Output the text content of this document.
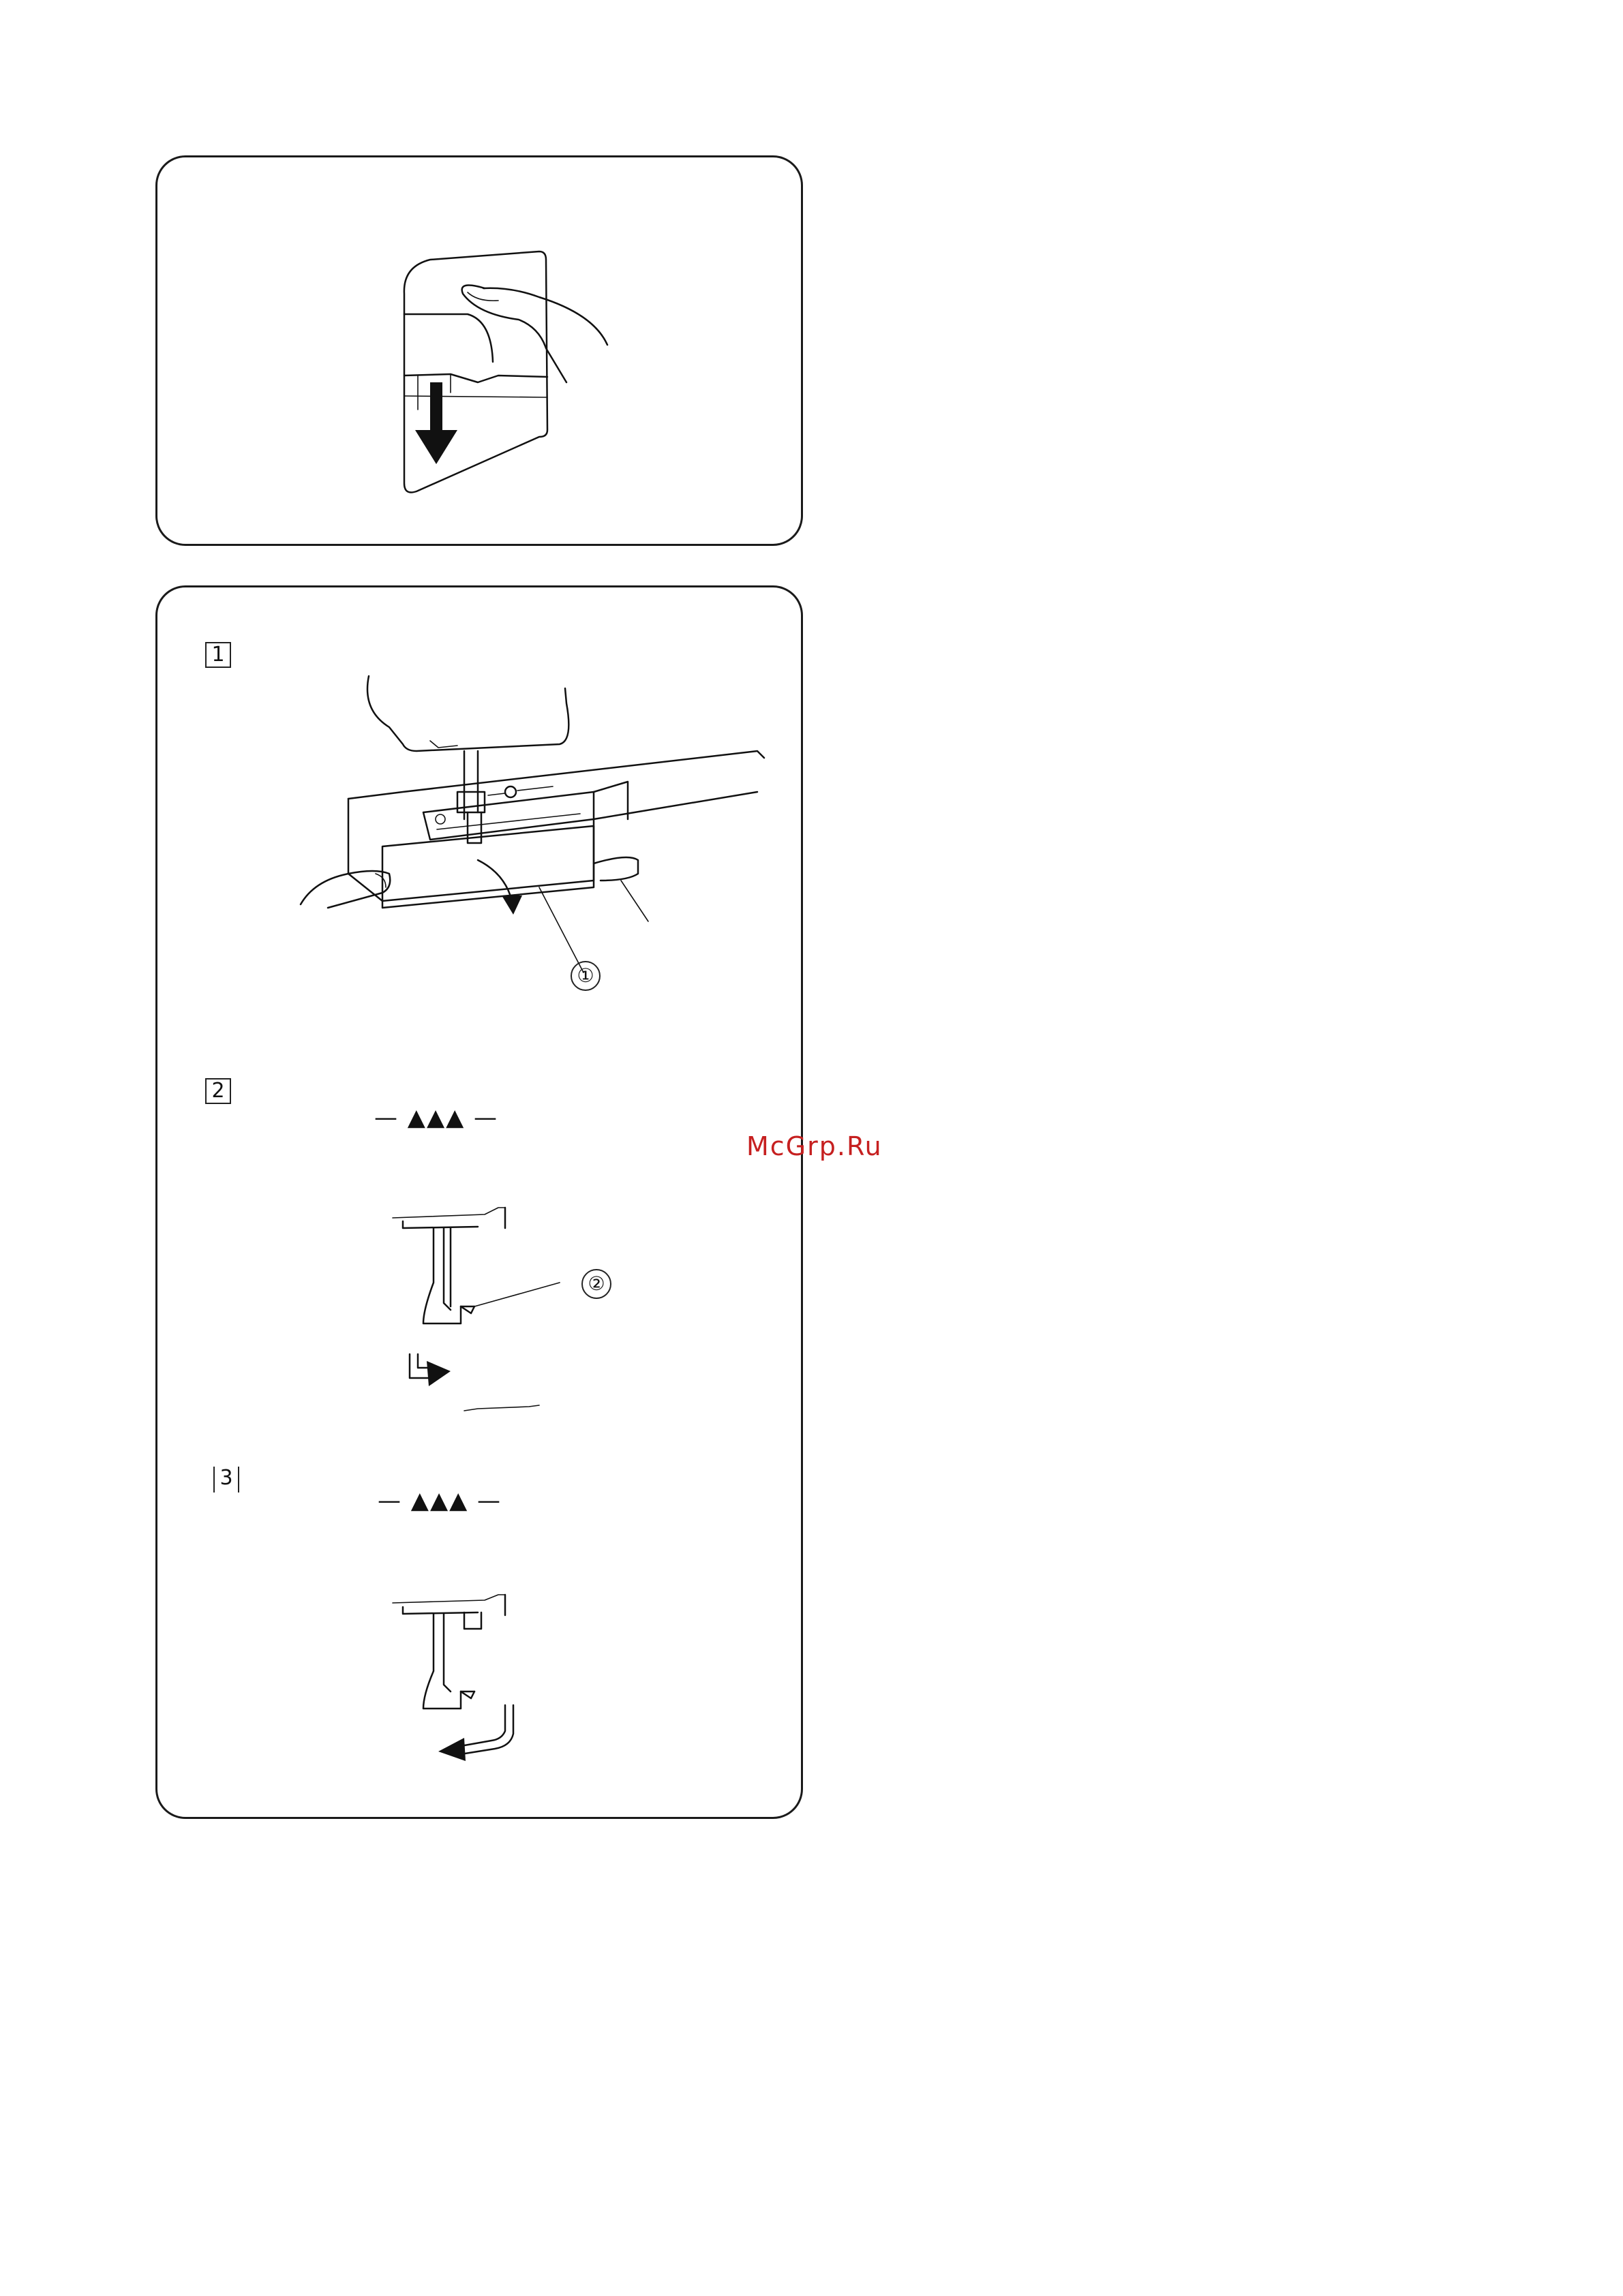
1
①
2
— ▲▲▲ —
②
3
— ▲▲▲ —
McGrp.Ru
